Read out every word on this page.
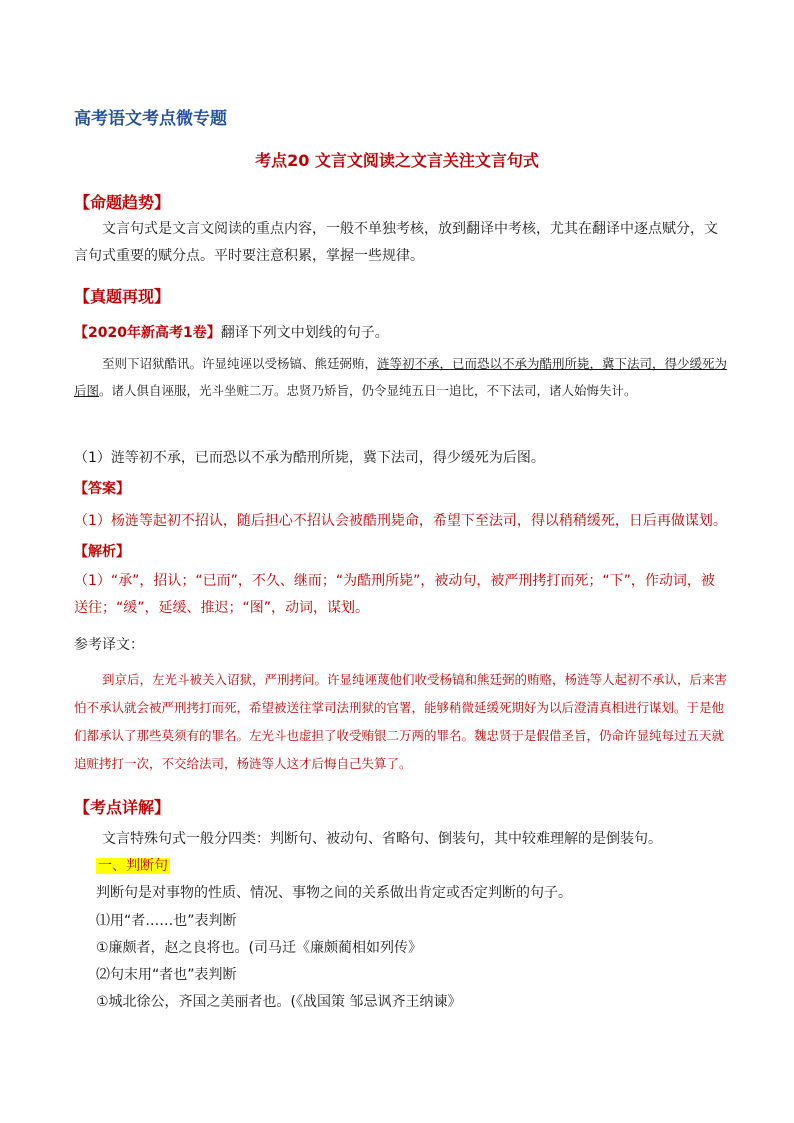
高考语文考点微专题
考点20 文言文阅读之文言关注文言句式
【命题趋势】
文言句式是文言文阅读的重点内容，一般不单独考核，放到翻译中考核，尤其在翻译中逐点赋分，文言句式重要的赋分点。平时要注意积累，掌握一些规律。
【真题再现】
【2020年新高考1卷】翻译下列文中划线的句子。
至则下诏狱酷讯。许显纯诬以受杨镐、熊廷弼贿，涟等初不承，已而恐以不承为酷刑所毙，冀下法司，得少缓死为后图。诸人俱自诬服，光斗坐赃二万。忠贤乃矫旨，仍令显纯五日一追比，不下法司，诸人始悔失计。
（1）涟等初不承，已而恐以不承为酷刑所毙，冀下法司，得少缓死为后图。
【答案】
（1）杨涟等起初不招认，随后担心不招认会被酷刑毙命，希望下至法司，得以稍稍缓死，日后再做谋划。
【解析】
（1）“承”，招认；“已而”，不久、继而；“为酷刑所毙”，被动句，被严刑拷打而死；“下”，作动词，被送往；“缓”，延缓、推迟；“图”，动词，谋划。
参考译文：
到京后，左光斗被关入诏狱，严刑拷问。许显纯诬蔑他们收受杨镐和熊廷弼的贿赂，杨涟等人起初不承认，后来害怕不承认就会被严刑拷打而死，希望被送往掌司法刑狱的官署，能够稍微延缓死期好为以后澄清真相进行谋划。于是他们都承认了那些莫须有的罪名。左光斗也虚担了收受贿银二万两的罪名。魏忠贤于是假借圣旨，仍命许显纯每过五天就追赃拷打一次，不交给法司，杨涟等人这才后悔自己失算了。
【考点详解】
文言特殊句式一般分四类：判断句、被动句、省略句、倒装句，其中较难理解的是倒装句。
一、判断句
判断句是对事物的性质、情况、事物之间的关系做出肯定或否定判断的句子。
⑴用“者……也”表判断
①廉颇者，赵之良将也。(司马迁《廉颇蔺相如列传》
⑵句末用“者也”表判断
①城北徐公，齐国之美丽者也。(《战国策 邹忌讽齐王纳谏》
